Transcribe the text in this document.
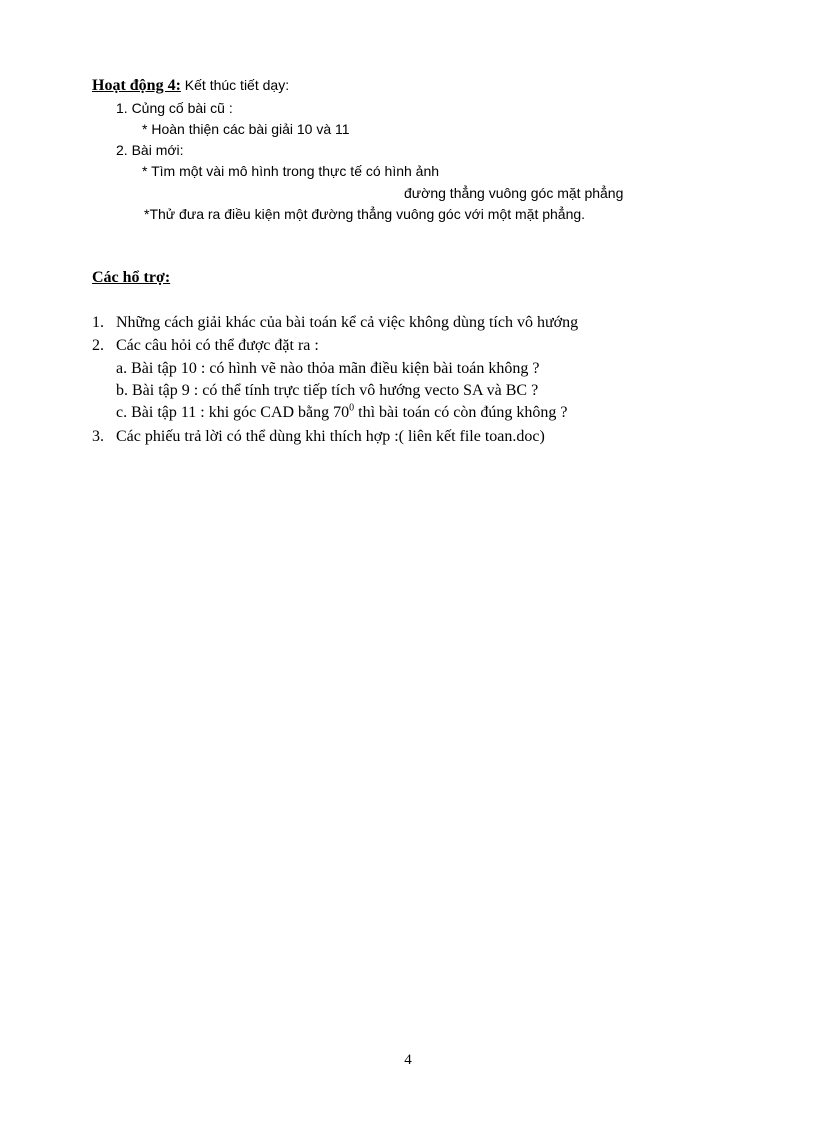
Hoạt động 4: Kết thúc tiết dạy:
1. Củng cố bài cũ :
* Hoàn thiện các bài giải 10 và 11
2. Bài mới:
* Tìm một vài mô hình trong thực tế có hình ảnh
đường thẳng vuông góc mặt phẳng
*Thử đưa ra điều kiện một đường thẳng vuông góc với một mặt phẳng.
Các hổ trợ:
1. Những cách giải khác của bài toán kể cả việc không dùng tích vô hướng
2. Các câu hỏi có thể được đặt ra :
a. Bài tập 10 : có hình vẽ nào thỏa mãn điều kiện bài toán không ?
b. Bài tập 9 : có thể tính trực tiếp tích vô hướng vecto SA và BC ?
c. Bài tập 11 : khi góc CAD bằng $70^0$ thì bài toán có còn đúng không ?
3. Các phiếu trả lời có thể dùng khi thích hợp :( liên kết file toan.doc)
4
